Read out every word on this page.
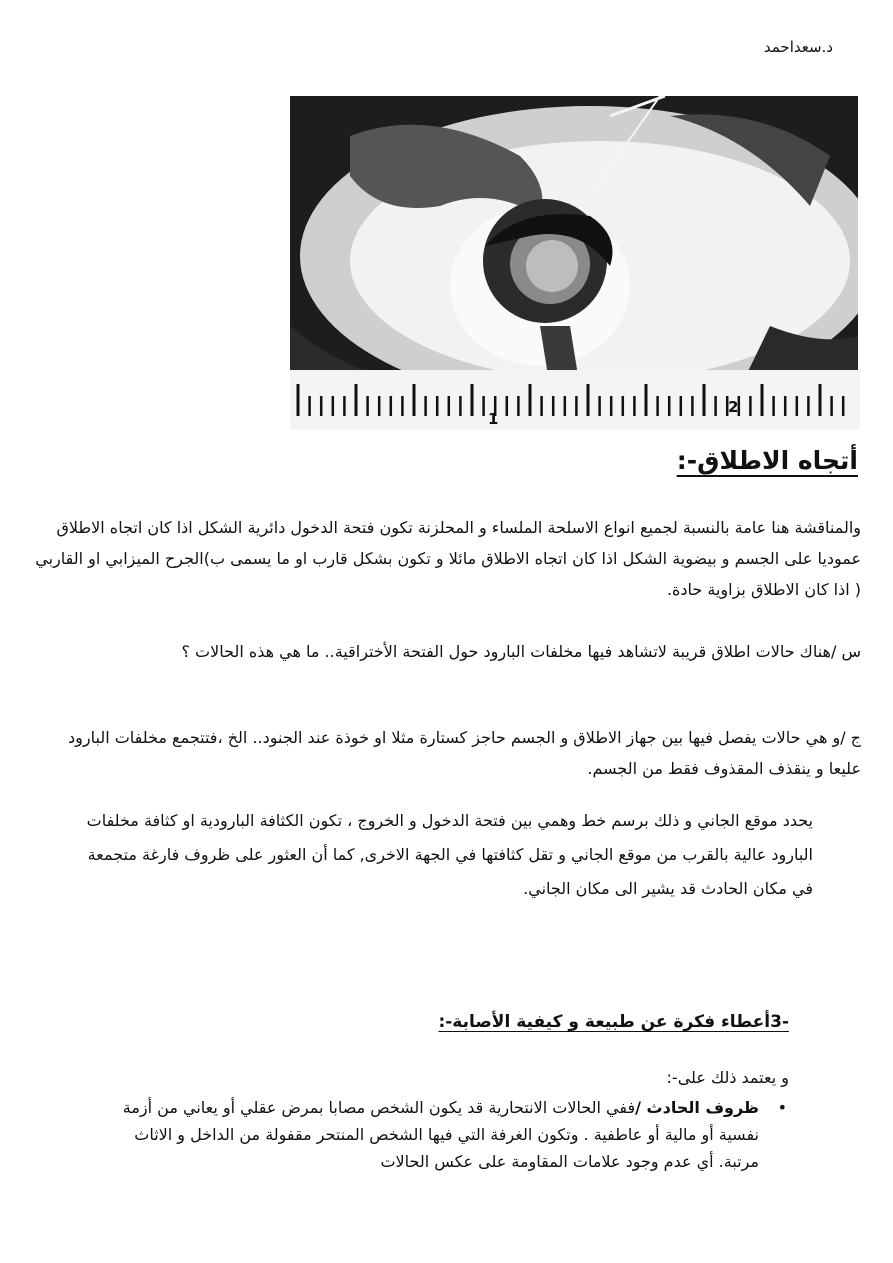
د.سعداحمد
1
2
أتجاه الاطلاق-:
والمناقشة هنا عامة بالنسبة لجميع انواع الاسلحة الملساء و المحلزنة تكون فتحة الدخول دائرية الشكل اذا كان اتجاه الاطلاق عموديا على الجسم و بيضوية الشكل اذا كان اتجاه الاطلاق مائلا و تكون بشكل قارب او ما يسمى ب)الجرح الميزابي او القاربي ( اذا كان الاطلاق بزاوية حادة.
س /هناك حالات اطلاق قريبة لاتشاهد فيها مخلفات البارود حول الفتحة الأختراقية.. ما هي هذه الحالات ؟
ج /و هي حالات يفصل فيها بين جهاز الاطلاق و الجسم حاجز كستارة مثلا او خوذة عند الجنود.. الخ ،فتتجمع مخلفات البارود عليعا و ينقذف المقذوف فقط من الجسم.
يحدد موقع الجاني و ذلك برسم خط وهمي بين فتحة الدخول و الخروج ، تكون الكثافة البارودية او كثافة مخلفات البارود عالية بالقرب من موقع الجاني و تقل كثافتها في الجهة الاخرى, كما أن العثور على ظروف فارغة متجمعة في مكان الحادث قد يشير الى مكان الجاني.
-3أعطاء فكرة عن طبيعة و كيفية الأصابة-:
و يعتمد ذلك على-:
•
ظروف الحادث /ففي الحالات الانتحارية قد يكون الشخص مصابا بمرض عقلي أو يعاني من أزمة نفسية أو مالية أو عاطفية . وتكون الغرفة التي فيها الشخص المنتحر مقفولة من الداخل و الاثاث مرتبة. أي عدم وجود علامات المقاومة على عكس الحالات
